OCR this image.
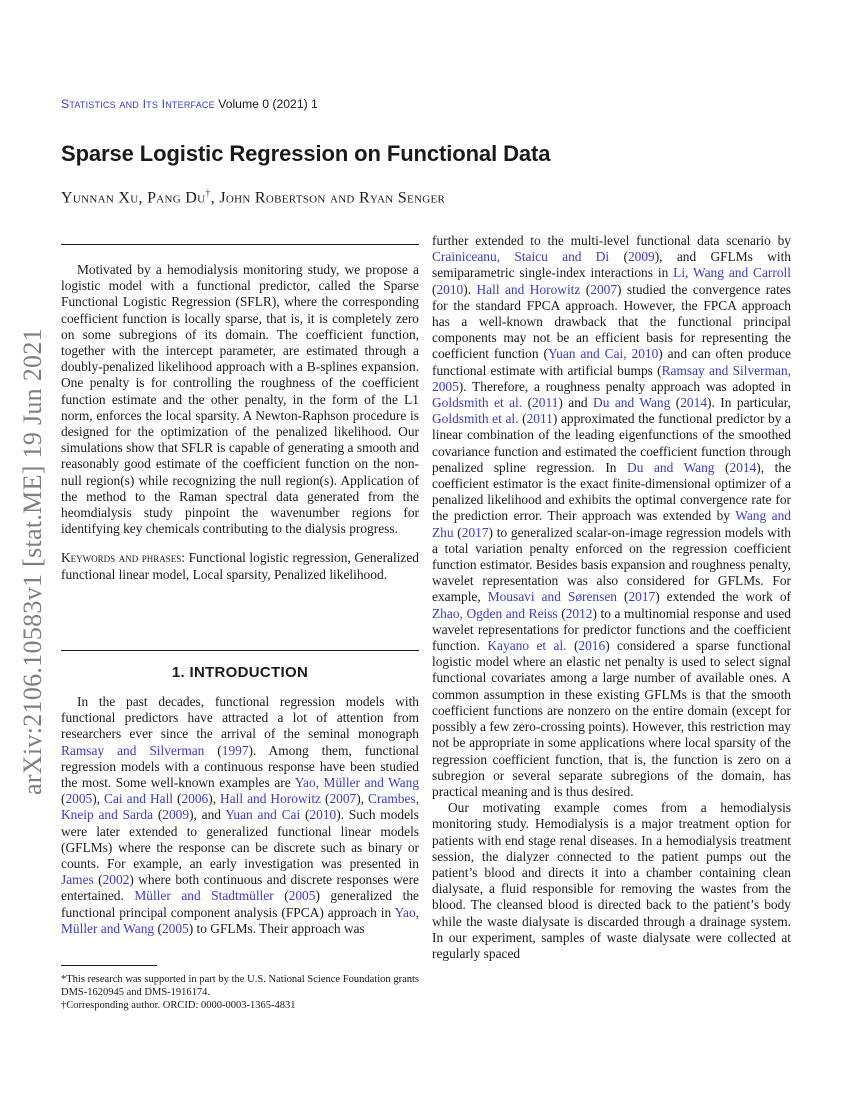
Statistics and Its Interface Volume 0 (2021) 1
Sparse Logistic Regression on Functional Data
Yunnan Xu, Pang Du†, John Robertson and Ryan Senger
arXiv:2106.10583v1 [stat.ME] 19 Jun 2021

Motivated by a hemodialysis monitoring study, we propose a logistic model with a functional predictor, called the Sparse Functional Logistic Regression (SFLR), where the corresponding coefficient function is locally sparse, that is, it is completely zero on some subregions of its domain. The coefficient function, together with the intercept parameter, are estimated through a doubly-penalized likelihood approach with a B-splines expansion. One penalty is for controlling the roughness of the coefficient function estimate and the other penalty, in the form of the L1 norm, enforces the local sparsity. A Newton-Raphson procedure is designed for the optimization of the penalized likelihood. Our simulations show that SFLR is capable of generating a smooth and reasonably good estimate of the coefficient function on the non-null region(s) while recognizing the null region(s). Application of the method to the Raman spectral data generated from the heomdialysis study pinpoint the wavenumber regions for identifying key chemicals contributing to the dialysis progress.

Keywords and phrases: Functional logistic regression, Generalized functional linear model, Local sparsity, Penalized likelihood.

1. INTRODUCTION

In the past decades, functional regression models with functional predictors have attracted a lot of attention from researchers ever since the arrival of the seminal monograph Ramsay and Silverman (1997). Among them, functional regression models with a continuous response have been studied the most. Some well-known examples are Yao, Müller and Wang (2005), Cai and Hall (2006), Hall and Horowitz (2007), Crambes, Kneip and Sarda (2009), and Yuan and Cai (2010). Such models were later extended to generalized functional linear models (GFLMs) where the response can be discrete such as binary or counts. For example, an early investigation was presented in James (2002) where both continuous and discrete responses were entertained. Müller and Stadtmüller (2005) generalized the functional principal component analysis (FPCA) approach in Yao, Müller and Wang (2005) to GFLMs. Their approach was

*This research was supported in part by the U.S. National Science Foundation grants DMS-1620945 and DMS-1916174.

†Corresponding author. ORCID: 0000-0003-1365-4831

further extended to the multi-level functional data scenario by Crainiceanu, Staicu and Di (2009), and GFLMs with semiparametric single-index interactions in Li, Wang and Carroll (2010). Hall and Horowitz (2007) studied the convergence rates for the standard FPCA approach. However, the FPCA approach has a well-known drawback that the functional principal components may not be an efficient basis for representing the coefficient function (Yuan and Cai, 2010) and can often produce functional estimate with artificial bumps (Ramsay and Silverman, 2005). Therefore, a roughness penalty approach was adopted in Goldsmith et al. (2011) and Du and Wang (2014). In particular, Goldsmith et al. (2011) approximated the functional predictor by a linear combination of the leading eigenfunctions of the smoothed covariance function and estimated the coefficient function through penalized spline regression. In Du and Wang (2014), the coefficient estimator is the exact finite-dimensional optimizer of a penalized likelihood and exhibits the optimal convergence rate for the prediction error. Their approach was extended by Wang and Zhu (2017) to generalized scalar-on-image regression models with a total variation penalty enforced on the regression coefficient function estimator. Besides basis expansion and roughness penalty, wavelet representation was also considered for GFLMs. For example, Mousavi and Sørensen (2017) extended the work of Zhao, Ogden and Reiss (2012) to a multinomial response and used wavelet representations for predictor functions and the coefficient function. Kayano et al. (2016) considered a sparse functional logistic model where an elastic net penalty is used to select signal functional covariates among a large number of available ones. A common assumption in these existing GFLMs is that the smooth coefficient functions are nonzero on the entire domain (except for possibly a few zero-crossing points). However, this restriction may not be appropriate in some applications where local sparsity of the regression coefficient function, that is, the function is zero on a subregion or several separate subregions of the domain, has practical meaning and is thus desired.

Our motivating example comes from a hemodialysis monitoring study. Hemodialysis is a major treatment option for patients with end stage renal diseases. In a hemodialysis treatment session, the dialyzer connected to the patient pumps out the patient’s blood and directs it into a chamber containing clean dialysate, a fluid responsible for removing the wastes from the blood. The cleansed blood is directed back to the patient’s body while the waste dialysate is discarded through a drainage system. In our experiment, samples of waste dialysate were collected at regularly spaced
